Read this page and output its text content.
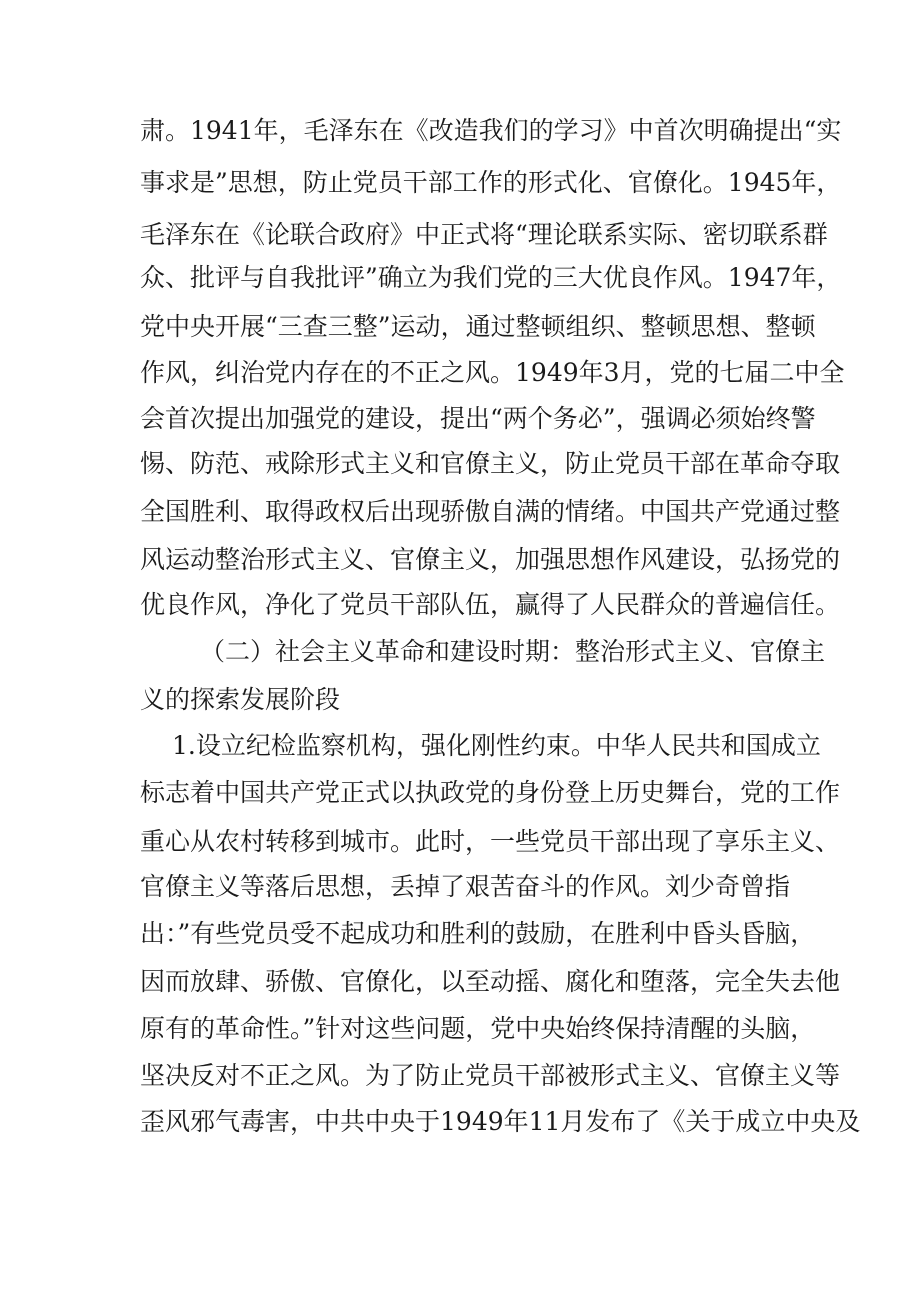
肃。1941年，毛泽东在《改造我们的学习》中首次明确提出“实
事求是”思想，防止党员干部工作的形式化、官僚化。1945年，
毛泽东在《论联合政府》中正式将“理论联系实际、密切联系群
众、批评与自我批评”确立为我们党的三大优良作风。1947年，
党中央开展“三查三整”运动，通过整顿组织、整顿思想、整顿
作风，纠治党内存在的不正之风。1949年3月，党的七届二中全
会首次提出加强党的建设，提出“两个务必”，强调必须始终警
惕、防范、戒除形式主义和官僚主义，防止党员干部在革命夺取
全国胜利、取得政权后出现骄傲自满的情绪。中国共产党通过整
风运动整治形式主义、官僚主义，加强思想作风建设，弘扬党的
优良作风，净化了党员干部队伍，赢得了人民群众的普遍信任。
（二）社会主义革命和建设时期：整治形式主义、官僚主
义的探索发展阶段
1.设立纪检监察机构，强化刚性约束。中华人民共和国成立
标志着中国共产党正式以执政党的身份登上历史舞台，党的工作
重心从农村转移到城市。此时，一些党员干部出现了享乐主义、
官僚主义等落后思想，丢掉了艰苦奋斗的作风。刘少奇曾指
出：”有些党员受不起成功和胜利的鼓励，在胜利中昏头昏脑，
因而放肆、骄傲、官僚化，以至动摇、腐化和堕落，完全失去他
原有的革命性。”针对这些问题，党中央始终保持清醒的头脑，
坚决反对不正之风。为了防止党员干部被形式主义、官僚主义等
歪风邪气毒害，中共中央于1949年11月发布了《关于成立中央及
